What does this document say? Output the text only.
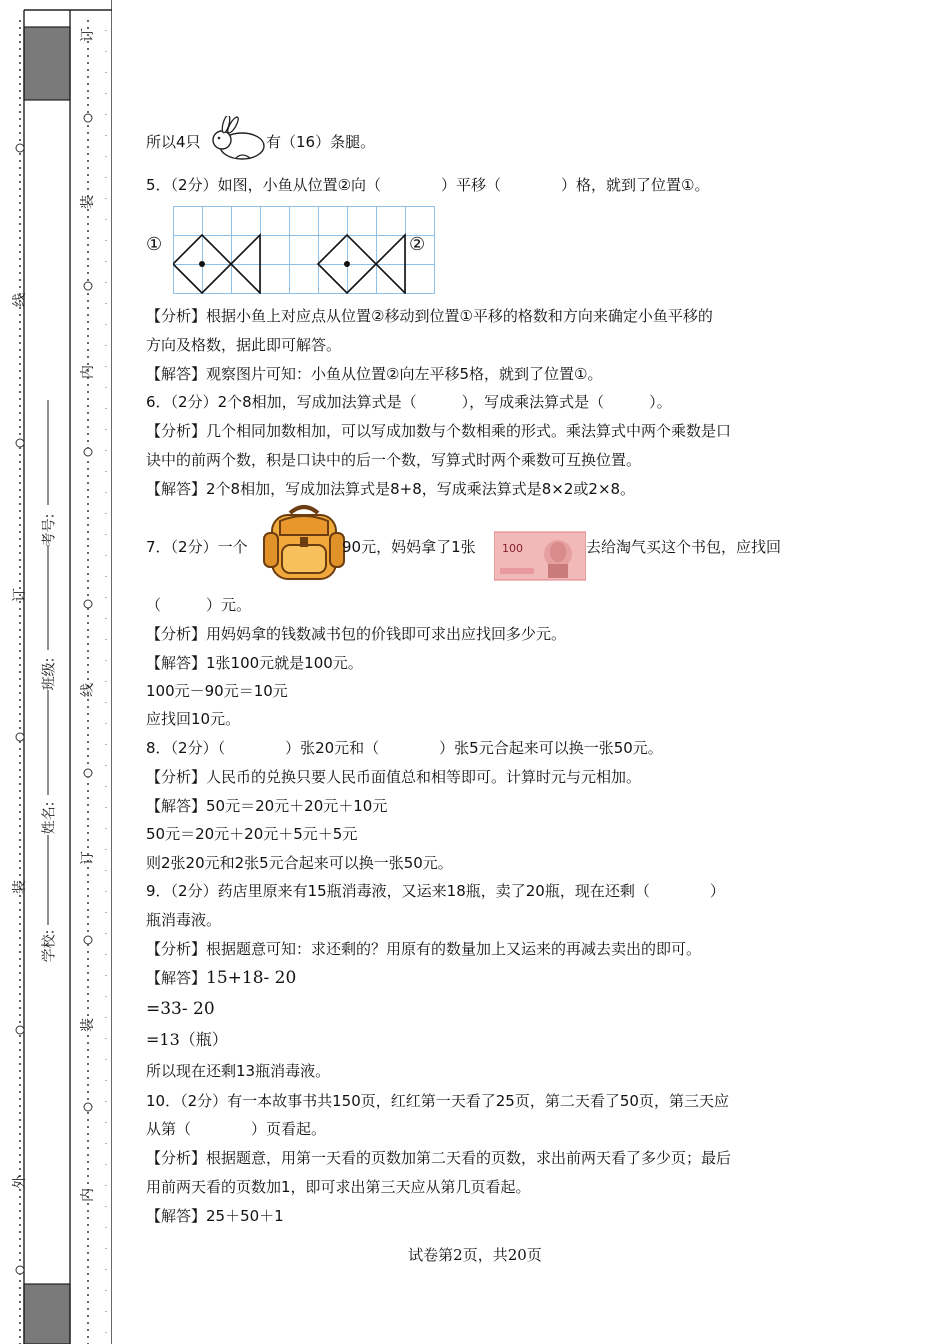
订
装
内
线
订
装
内
线
订
装
外
考号:
班级:
姓名:
学校:
所以4只	有（16）条腿。
5．（2分）如图，小鱼从位置②向（　　　　）平移（　　　　）格，就到了位置①。
①	②
【分析】根据小鱼上对应点从位置②移动到位置①平移的格数和方向来确定小鱼平移的
方向及格数，据此即可解答。
【解答】观察图片可知：小鱼从位置②向左平移5格，就到了位置①。
6．（2分）2个8相加，写成加法算式是（　　　），写成乘法算式是（　　　）。
【分析】几个相同加数相加，可以写成加数与个数相乘的形式。乘法算式中两个乘数是口
诀中的前两个数，积是口诀中的后一个数，写算式时两个乘数可互换位置。
【解答】2个8相加，写成加法算式是8+8，写成乘法算式是8×2或2×8。
7．（2分）一个	90元，妈妈拿了1张 100	去给淘气买这个书包，应找回
（　　　）元。
【分析】用妈妈拿的钱数减书包的价钱即可求出应找回多少元。
【解答】1张100元就是100元。
100元－90元＝10元
应找回10元。
8．（2分）（　　　　）张20元和（　　　　）张5元合起来可以换一张50元。
【分析】人民币的兑换只要人民币面值总和相等即可。计算时元与元相加。
【解答】50元＝20元＋20元＋10元
50元＝20元＋20元＋5元＋5元
则2张20元和2张5元合起来可以换一张50元。
9．（2分）药店里原来有15瓶消毒液，又运来18瓶，卖了20瓶，现在还剩（　　　　）
瓶消毒液。
【分析】根据题意可知：求还剩的？用原有的数量加上又运来的再减去卖出的即可。
【解答】15+18- 20
=33- 20
=13（瓶）
所以现在还剩13瓶消毒液。
10．（2分）有一本故事书共150页，红红第一天看了25页，第二天看了50页，第三天应
从第（　　　　）页看起。
【分析】根据题意，用第一天看的页数加第二天看的页数，求出前两天看了多少页；最后
用前两天看的页数加1，即可求出第三天应从第几页看起。
【解答】25＋50＋1
试卷第2页，共20页
